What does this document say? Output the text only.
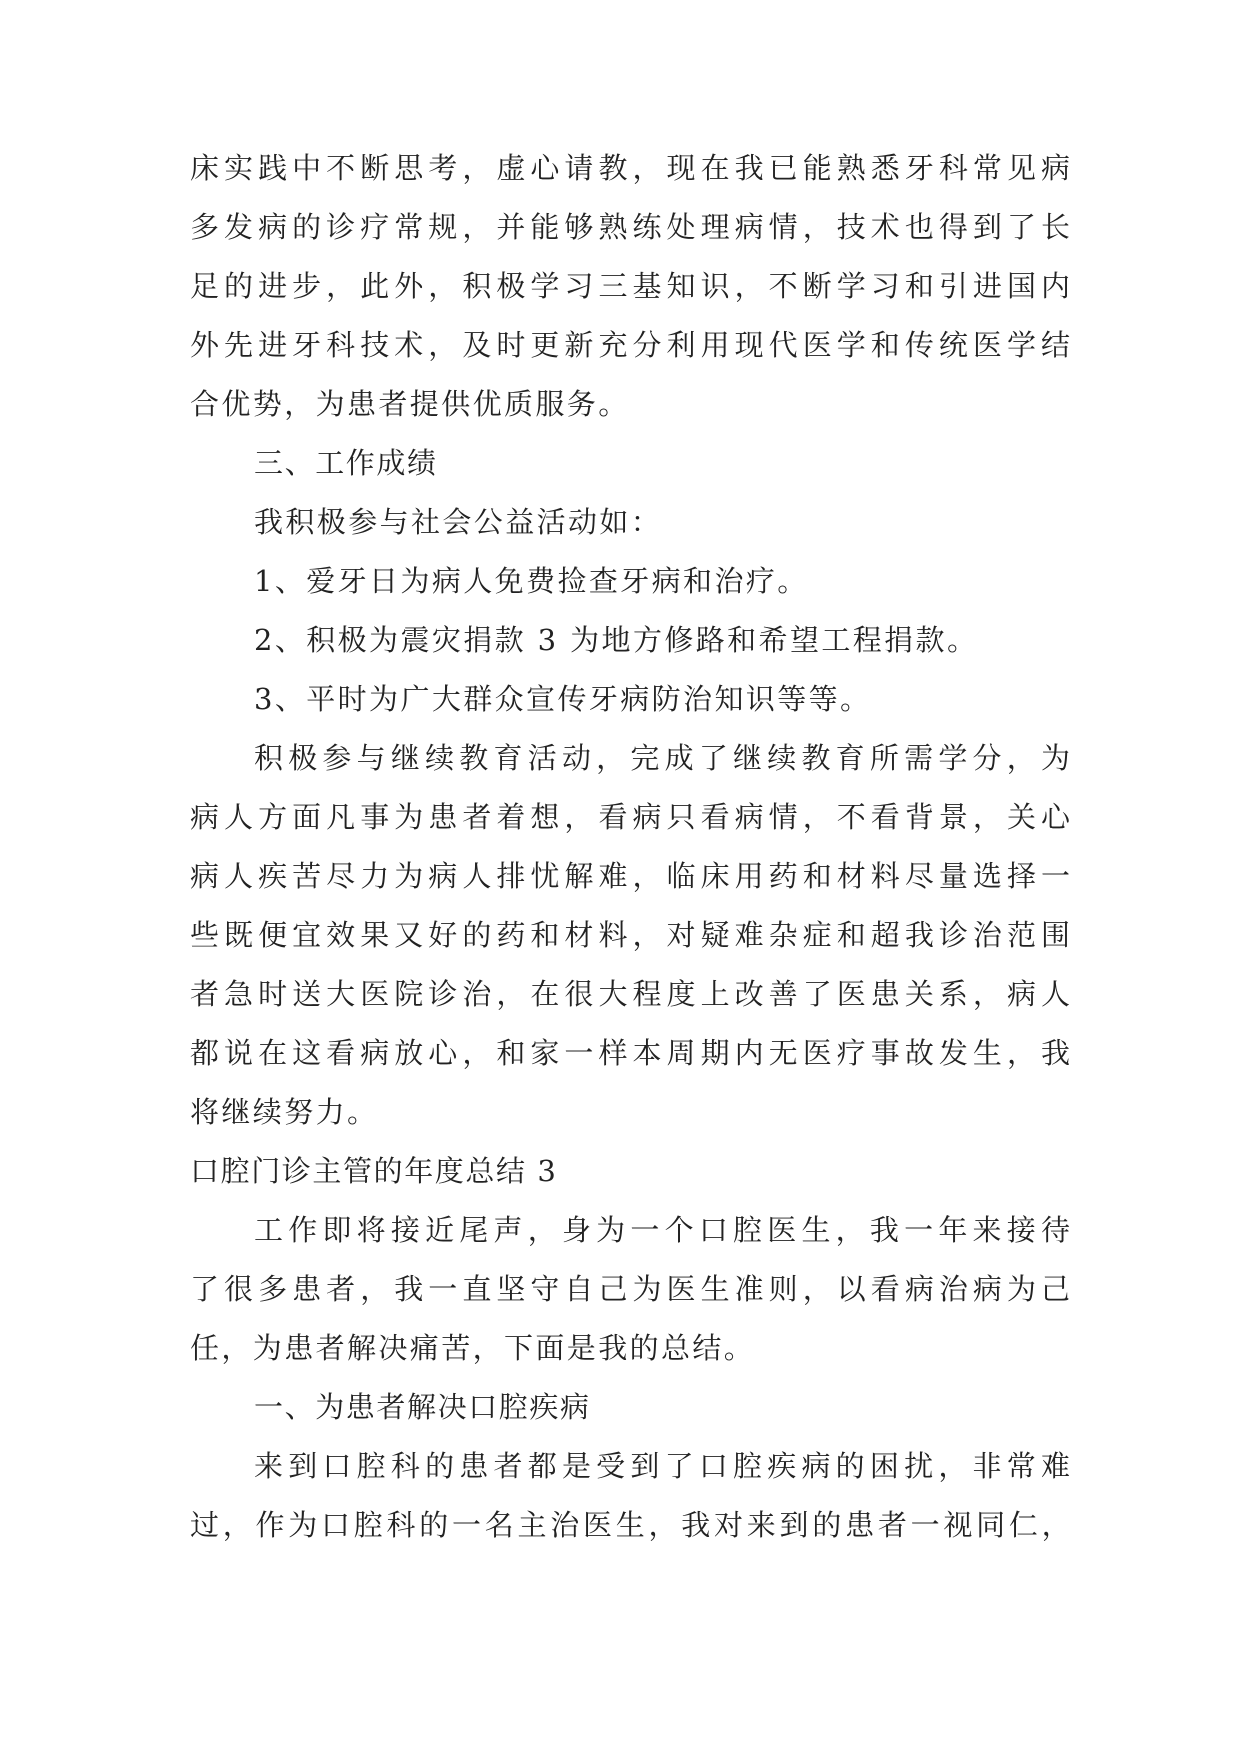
床实践中不断思考，虚心请教，现在我已能熟悉牙科常见病
多发病的诊疗常规，并能够熟练处理病情，技术也得到了长
足的进步，此外，积极学习三基知识，不断学习和引进国内
外先进牙科技术，及时更新充分利用现代医学和传统医学结
合优势，为患者提供优质服务。
三、工作成绩
我积极参与社会公益活动如：
1、爱牙日为病人免费捡查牙病和治疗。
2、积极为震灾捐款 3 为地方修路和希望工程捐款。
3、平时为广大群众宣传牙病防治知识等等。
积极参与继续教育活动，完成了继续教育所需学分，为
病人方面凡事为患者着想，看病只看病情，不看背景，关心
病人疾苦尽力为病人排忧解难，临床用药和材料尽量选择一
些既便宜效果又好的药和材料，对疑难杂症和超我诊治范围
者急时送大医院诊治，在很大程度上改善了医患关系，病人
都说在这看病放心，和家一样本周期内无医疗事故发生，我
将继续努力。
口腔门诊主管的年度总结 3
工作即将接近尾声，身为一个口腔医生，我一年来接待
了很多患者，我一直坚守自己为医生准则，以看病治病为己
任，为患者解决痛苦，下面是我的总结。
一、为患者解决口腔疾病
来到口腔科的患者都是受到了口腔疾病的困扰，非常难
过，作为口腔科的一名主治医生，我对来到的患者一视同仁，
